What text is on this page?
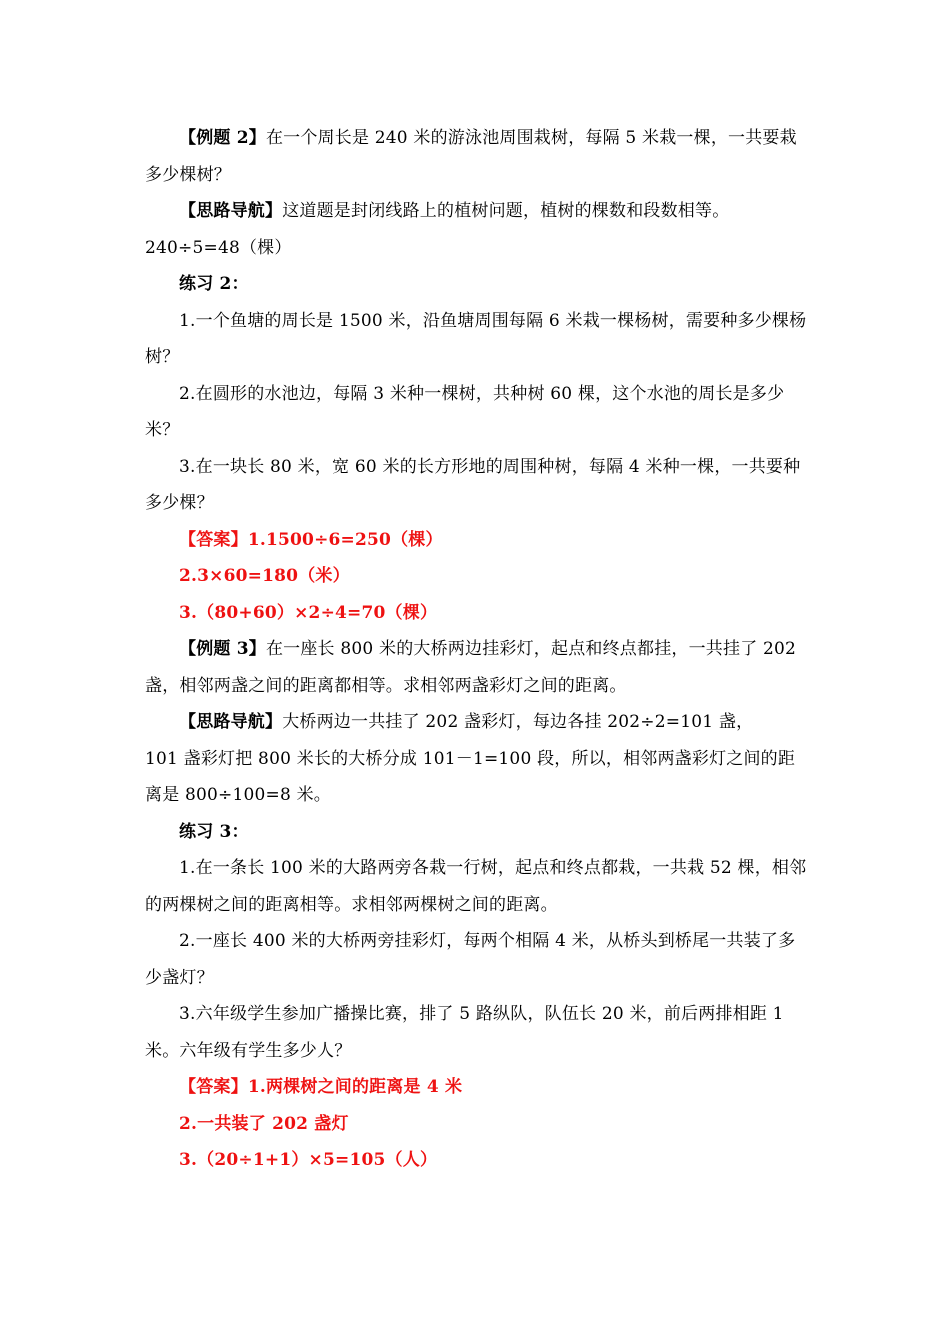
【例题 2】在一个周长是 240 米的游泳池周围栽树，每隔 5 米栽一棵，一共要栽多少棵树？

【思路导航】这道题是封闭线路上的植树问题，植树的棵数和段数相等。

240÷5=48（棵）

练习 2：

1.一个鱼塘的周长是 1500 米，沿鱼塘周围每隔 6 米栽一棵杨树，需要种多少棵杨树？

2.在圆形的水池边，每隔 3 米种一棵树，共种树 60 棵，这个水池的周长是多少米？

3.在一块长 80 米，宽 60 米的长方形地的周围种树，每隔 4 米种一棵，一共要种多少棵？

【答案】1.1500÷6=250（棵）

2.3×60=180（米）

3.（80+60）×2÷4=70（棵）

【例题 3】在一座长 800 米的大桥两边挂彩灯，起点和终点都挂，一共挂了 202 盏，相邻两盏之间的距离都相等。求相邻两盏彩灯之间的距离。

【思路导航】大桥两边一共挂了 202 盏彩灯，每边各挂 202÷2=101 盏，

101 盏彩灯把 800 米长的大桥分成 101－1=100 段，所以，相邻两盏彩灯之间的距离是 800÷100=8 米。

练习 3：

1.在一条长 100 米的大路两旁各栽一行树，起点和终点都栽，一共栽 52 棵，相邻的两棵树之间的距离相等。求相邻两棵树之间的距离。

2.一座长 400 米的大桥两旁挂彩灯，每两个相隔 4 米，从桥头到桥尾一共装了多少盏灯？

3.六年级学生参加广播操比赛，排了 5 路纵队，队伍长 20 米，前后两排相距 1 米。六年级有学生多少人？

【答案】1.两棵树之间的距离是 4 米

2.一共装了 202 盏灯

3.（20÷1+1）×5=105（人）
